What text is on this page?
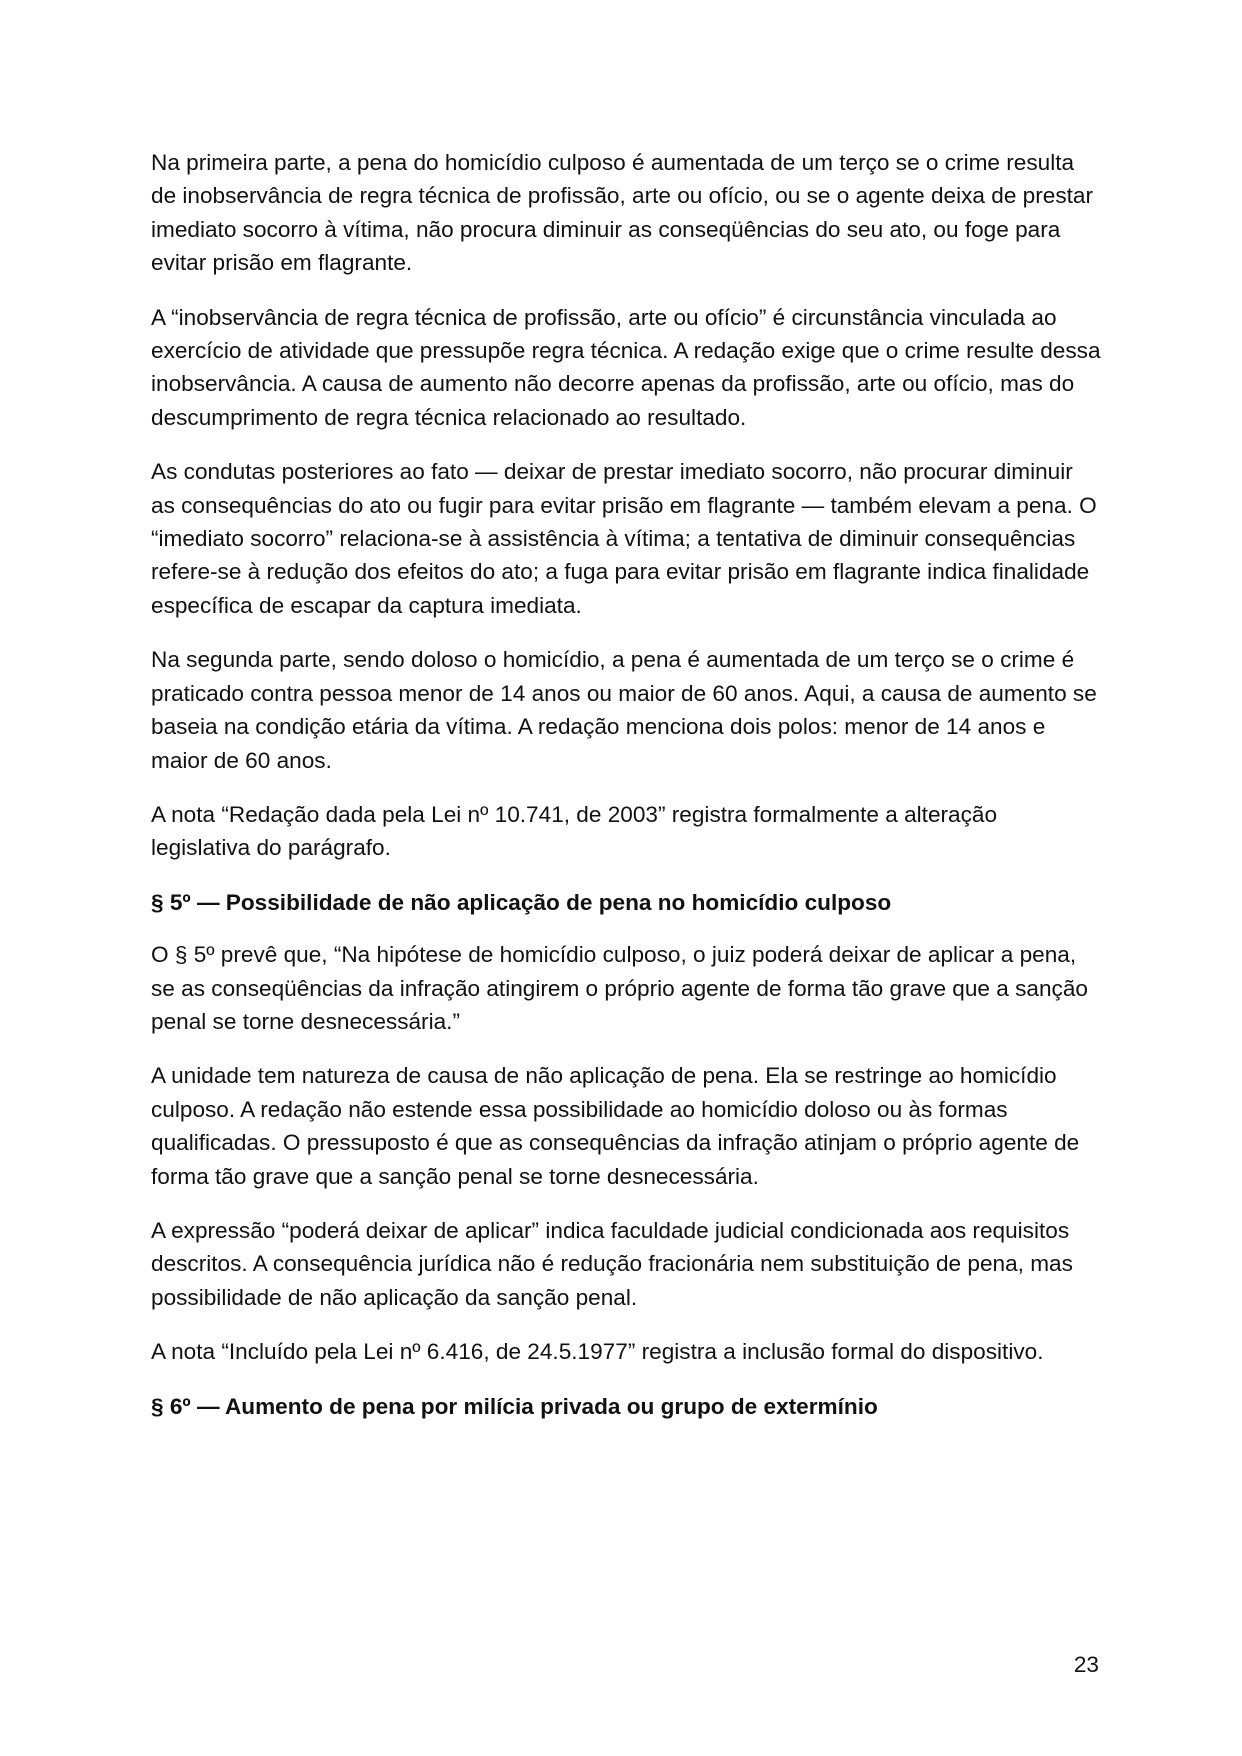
Na primeira parte, a pena do homicídio culposo é aumentada de um terço se o crime resulta de inobservância de regra técnica de profissão, arte ou ofício, ou se o agente deixa de prestar imediato socorro à vítima, não procura diminuir as conseqüências do seu ato, ou foge para evitar prisão em flagrante.

A “inobservância de regra técnica de profissão, arte ou ofício” é circunstância vinculada ao exercício de atividade que pressupõe regra técnica. A redação exige que o crime resulte dessa inobservância. A causa de aumento não decorre apenas da profissão, arte ou ofício, mas do descumprimento de regra técnica relacionado ao resultado.

As condutas posteriores ao fato — deixar de prestar imediato socorro, não procurar diminuir as consequências do ato ou fugir para evitar prisão em flagrante — também elevam a pena. O “imediato socorro” relaciona-se à assistência à vítima; a tentativa de diminuir consequências refere-se à redução dos efeitos do ato; a fuga para evitar prisão em flagrante indica finalidade específica de escapar da captura imediata.

Na segunda parte, sendo doloso o homicídio, a pena é aumentada de um terço se o crime é praticado contra pessoa menor de 14 anos ou maior de 60 anos. Aqui, a causa de aumento se baseia na condição etária da vítima. A redação menciona dois polos: menor de 14 anos e maior de 60 anos.

A nota “Redação dada pela Lei nº 10.741, de 2003” registra formalmente a alteração legislativa do parágrafo.

§ 5º — Possibilidade de não aplicação de pena no homicídio culposo

O § 5º prevê que, “Na hipótese de homicídio culposo, o juiz poderá deixar de aplicar a pena, se as conseqüências da infração atingirem o próprio agente de forma tão grave que a sanção penal se torne desnecessária.”

A unidade tem natureza de causa de não aplicação de pena. Ela se restringe ao homicídio culposo. A redação não estende essa possibilidade ao homicídio doloso ou às formas qualificadas. O pressuposto é que as consequências da infração atinjam o próprio agente de forma tão grave que a sanção penal se torne desnecessária.

A expressão “poderá deixar de aplicar” indica faculdade judicial condicionada aos requisitos descritos. A consequência jurídica não é redução fracionária nem substituição de pena, mas possibilidade de não aplicação da sanção penal.

A nota “Incluído pela Lei nº 6.416, de 24.5.1977” registra a inclusão formal do dispositivo.

§ 6º — Aumento de pena por milícia privada ou grupo de extermínio
23
